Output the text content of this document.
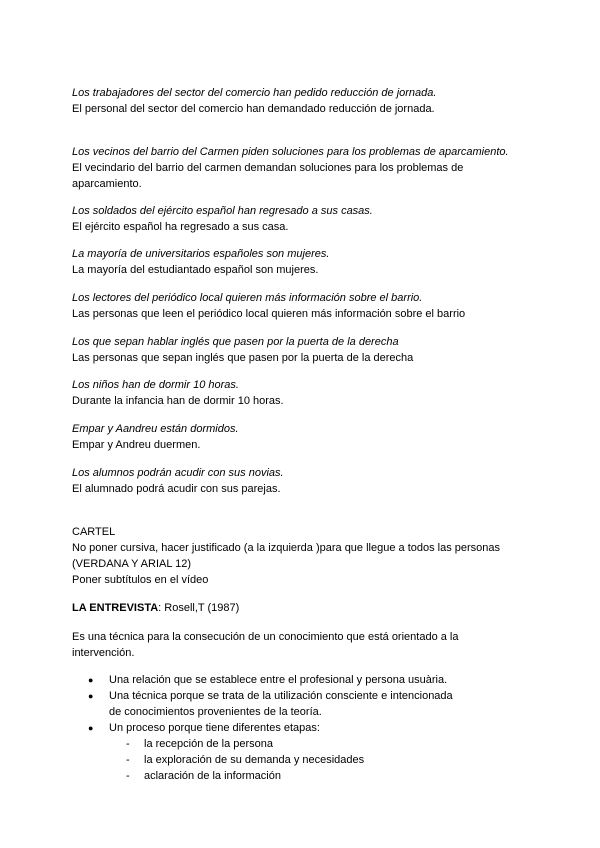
Los trabajadores del sector del comercio han pedido reducción de jornada.
El personal del sector del comercio han demandado reducción de jornada.
Los vecinos del barrio del Carmen piden soluciones para los problemas de aparcamiento.
El vecindario del barrio del carmen demandan soluciones para los problemas de aparcamiento.
Los soldados del ejército español han regresado a sus casas.
El ejército español ha regresado a sus casa.
La mayoría de universitarios españoles son mujeres.
La mayoría del estudiantado español son mujeres.
Los lectores del periódico local quieren más información sobre el barrio.
Las personas que leen el periódico local quieren más información sobre el barrio
Los que sepan hablar inglés que pasen por la puerta de la derecha
Las personas que sepan inglés que pasen por la puerta de la derecha
Los niños han de dormir 10 horas.
Durante la infancia han de dormir 10 horas.
Empar y Aandreu están dormidos.
Empar y Andreu duermen.
Los alumnos podrán acudir con sus novias.
El alumnado podrá acudir con sus parejas.
CARTEL
No poner cursiva, hacer justificado (a la izquierda )para que llegue a todos las personas
(VERDANA Y ARIAL 12)
Poner subtítulos en el vídeo
LA ENTREVISTA: Rosell,T (1987)
Es una técnica para la consecución de un conocimiento que está orientado a la intervención.
● Una relación que se establece entre el profesional y persona usuària.
● Una técnica porque se trata de la utilización consciente e intencionada de conocimientos provenientes de la teoría.
● Un proceso porque tiene diferentes etapas:
- la recepción de la persona
- la exploración de su demanda y necesidades
- aclaración de la información
